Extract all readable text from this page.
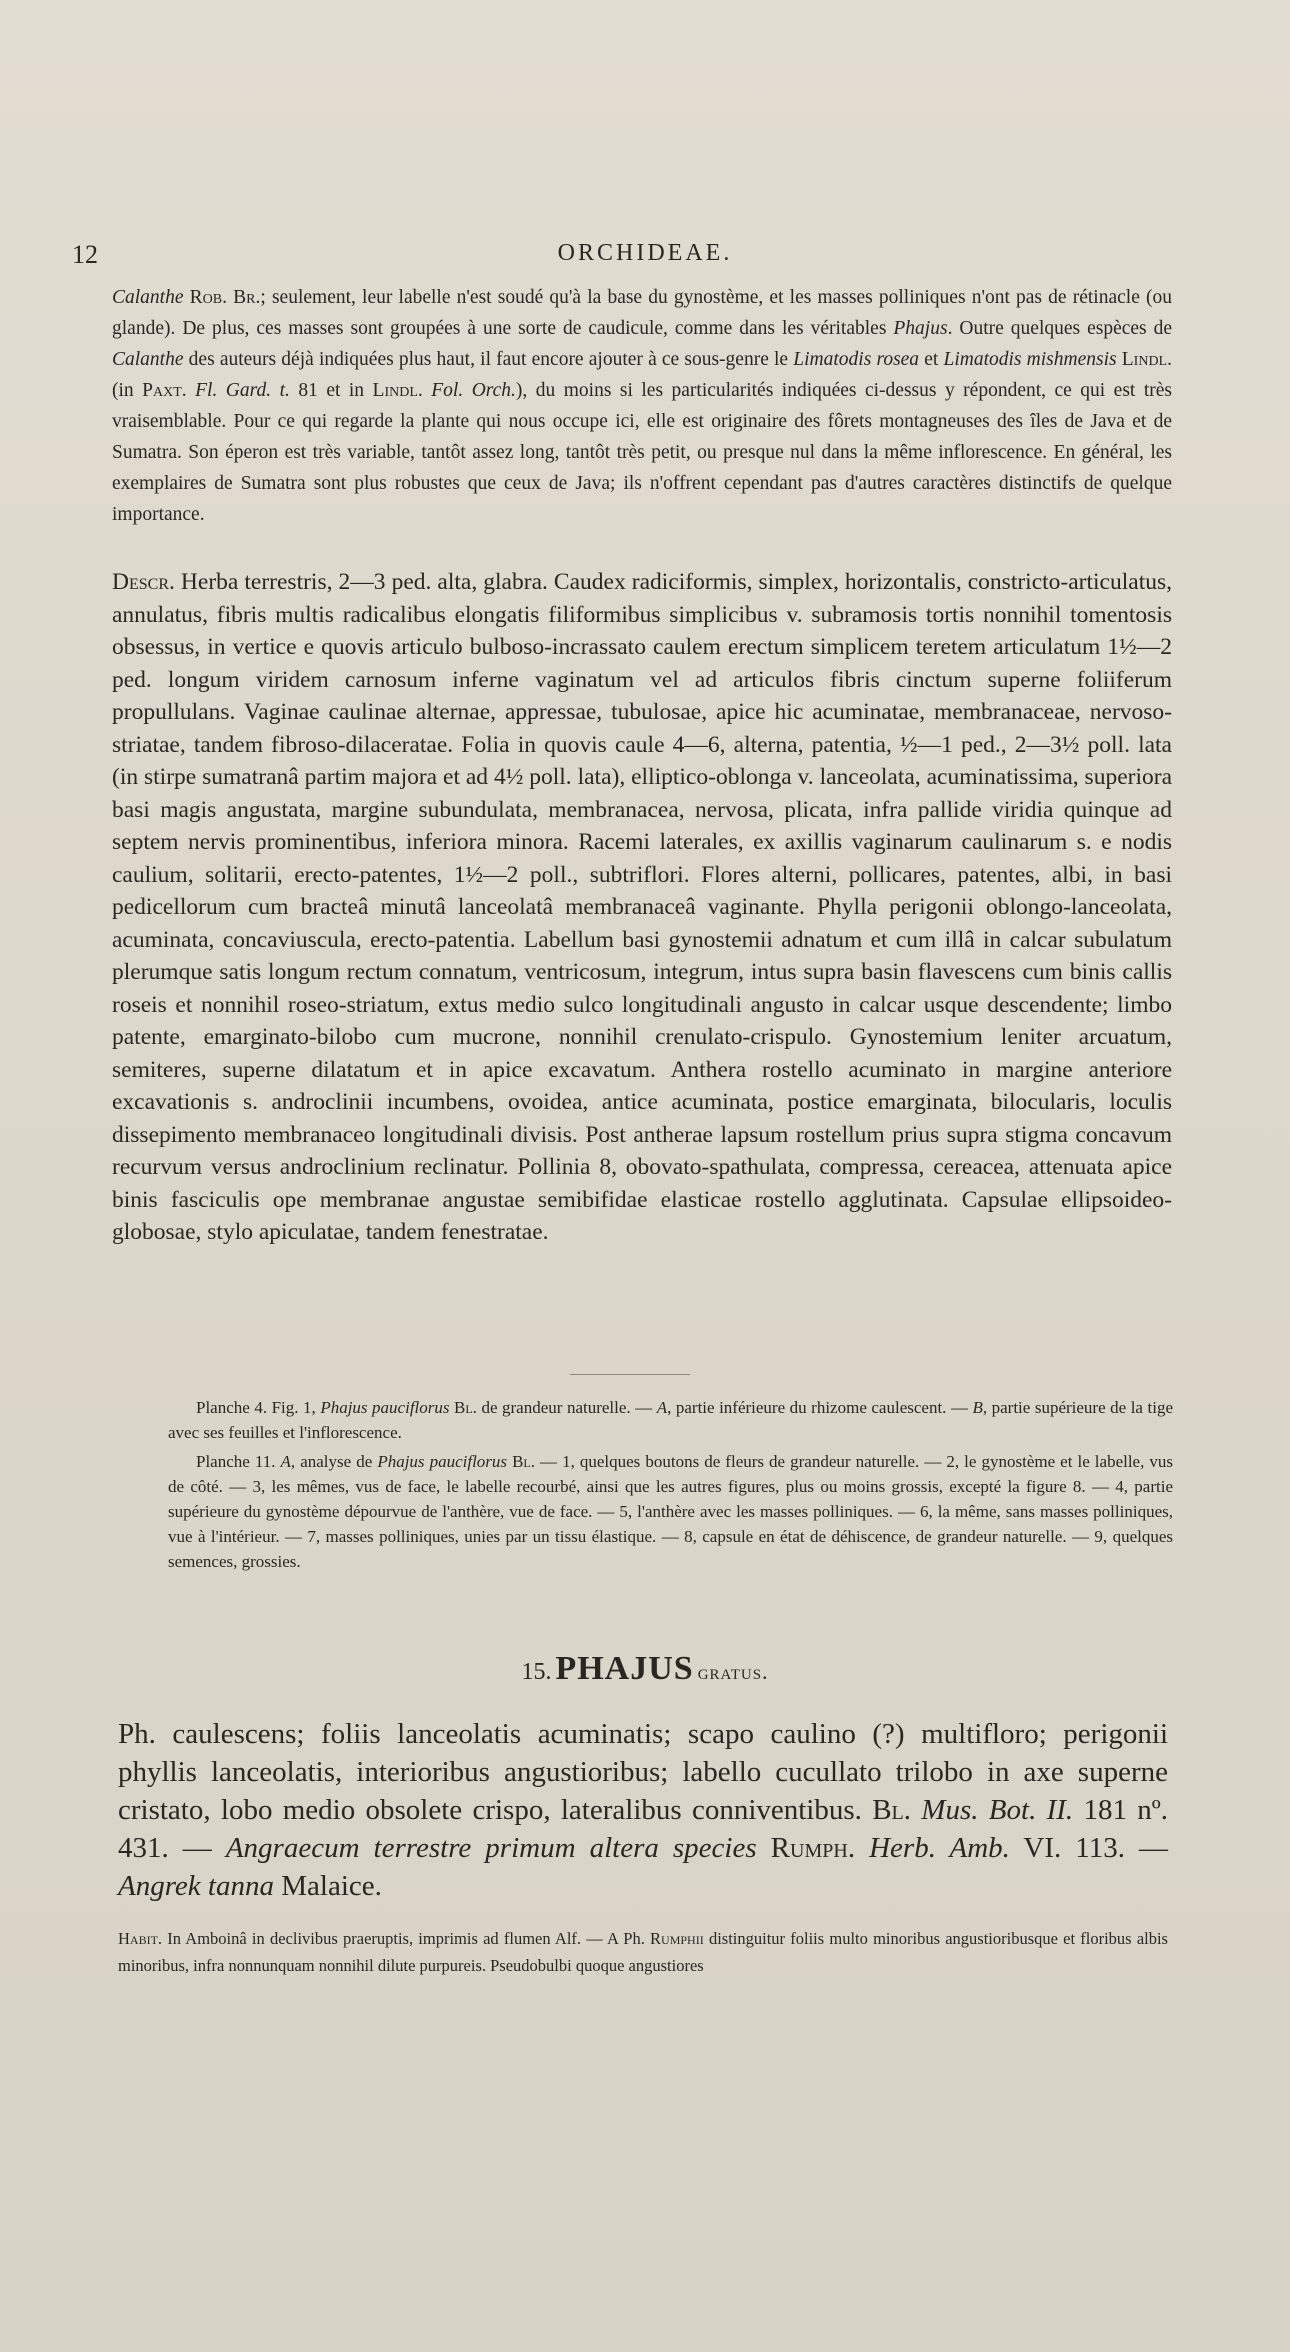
12	ORCHIDEAE.
Calanthe Rob. Br.; seulement, leur labelle n'est soudé qu'à la base du gynostème, et les masses polliniques n'ont pas de rétinacle (ou glande). De plus, ces masses sont groupées à une sorte de caudicule, comme dans les véritables Phajus. Outre quelques espèces de Calanthe des auteurs déjà indiquées plus haut, il faut encore ajouter à ce sous-genre le Limatodis rosea et Limatodis mishmensis Lindl. (in Paxt. Fl. Gard. t. 81 et in Lindl. Fol. Orch.), du moins si les particularités indiquées ci-dessus y répondent, ce qui est très vraisemblable. Pour ce qui regarde la plante qui nous occupe ici, elle est originaire des fôrets montagneuses des îles de Java et de Sumatra. Son éperon est très variable, tantôt assez long, tantôt très petit, ou presque nul dans la même inflorescence. En général, les exemplaires de Sumatra sont plus robustes que ceux de Java; ils n'offrent cependant pas d'autres caractères distinctifs de quelque importance.
Descr. Herba terrestris, 2—3 ped. alta, glabra. Caudex radiciformis, simplex, horizontalis, constricto-articulatus, annulatus, fibris multis radicalibus elongatis filiformibus simplicibus v. subramosis tortis nonnihil tomentosis obsessus, in vertice e quovis articulo bulboso-incrassato caulem erectum simplicem teretem articulatum 1½—2 ped. longum viridem carnosum inferne vaginatum vel ad articulos fibris cinctum superne foliiferum propullulans. Vaginae caulinae alternae, appressae, tubulosae, apice hic acuminatae, membranaceae, nervoso-striatae, tandem fibroso-dilaceratae. Folia in quovis caule 4—6, alterna, patentia, ½—1 ped., 2—3½ poll. lata (in stirpe sumatranâ partim majora et ad 4½ poll. lata), elliptico-oblonga v. lanceolata, acuminatissima, superiora basi magis angustata, margine subundulata, membranacea, nervosa, plicata, infra pallide viridia quinque ad septem nervis prominentibus, inferiora minora. Racemi laterales, ex axillis vaginarum caulinarum s. e nodis caulium, solitarii, erecto-patentes, 1½—2 poll., subtriflori. Flores alterni, pollicares, patentes, albi, in basi pedicellorum cum bracteâ minutâ lanceolatâ membranaceâ vaginante. Phylla perigonii oblongo-lanceolata, acuminata, concaviuscula, erecto-patentia. Labellum basi gynostemii adnatum et cum illâ in calcar subulatum plerumque satis longum rectum connatum, ventricosum, integrum, intus supra basin flavescens cum binis callis roseis et nonnihil roseo-striatum, extus medio sulco longitudinali angusto in calcar usque descendente; limbo patente, emarginato-bilobo cum mucrone, nonnihil crenulato-crispulo. Gynostemium leniter arcuatum, semiteres, superne dilatatum et in apice excavatum. Anthera rostello acuminato in margine anteriore excavationis s. androclinii incumbens, ovoidea, antice acuminata, postice emarginata, bilocularis, loculis dissepimento membranaceo longitudinali divisis. Post antherae lapsum rostellum prius supra stigma concavum recurvum versus androclinium reclinatur. Pollinia 8, obovato-spathulata, compressa, cereacea, attenuata apice binis fasciculis ope membranae angustae semibifidae elasticae rostello agglutinata. Capsulae ellipsoideo-globosae, stylo apiculatae, tandem fenestratae.

Planche 4. Fig. 1, Phajus pauciflorus Bl. de grandeur naturelle. — A, partie inférieure du rhizome caulescent. — B, partie supérieure de la tige avec ses feuilles et l'inflorescence.

Planche 11. A, analyse de Phajus pauciflorus Bl. — 1, quelques boutons de fleurs de grandeur naturelle. — 2, le gynostème et le labelle, vus de côté. — 3, les mêmes, vus de face, le labelle recourbé, ainsi que les autres figures, plus ou moins grossis, excepté la figure 8. — 4, partie supérieure du gynostème dépourvue de l'anthère, vue de face. — 5, l'anthère avec les masses polliniques. — 6, la même, sans masses polliniques, vue à l'intérieur. — 7, masses polliniques, unies par un tissu élastique. — 8, capsule en état de déhiscence, de grandeur naturelle. — 9, quelques semences, grossies.

15. PHAJUS gratus.
Ph. caulescens; foliis lanceolatis acuminatis; scapo caulino (?) multifloro; perigonii phyllis lanceolatis, interioribus angustioribus; labello cucullato trilobo in axe superne cristato, lobo medio obsolete crispo, lateralibus conniventibus. Bl. Mus. Bot. II. 181 nº. 431. — Angraecum terrestre primum altera species Rumph. Herb. Amb. VI. 113. — Angrek tanna Malaice.
Habit. In Amboinâ in declivibus praeruptis, imprimis ad flumen Alf. — A Ph. Rumphii distinguitur foliis multo minoribus angustioribusque et floribus albis minoribus, infra nonnunquam nonnihil dilute purpureis. Pseudobulbi quoque angustiores
